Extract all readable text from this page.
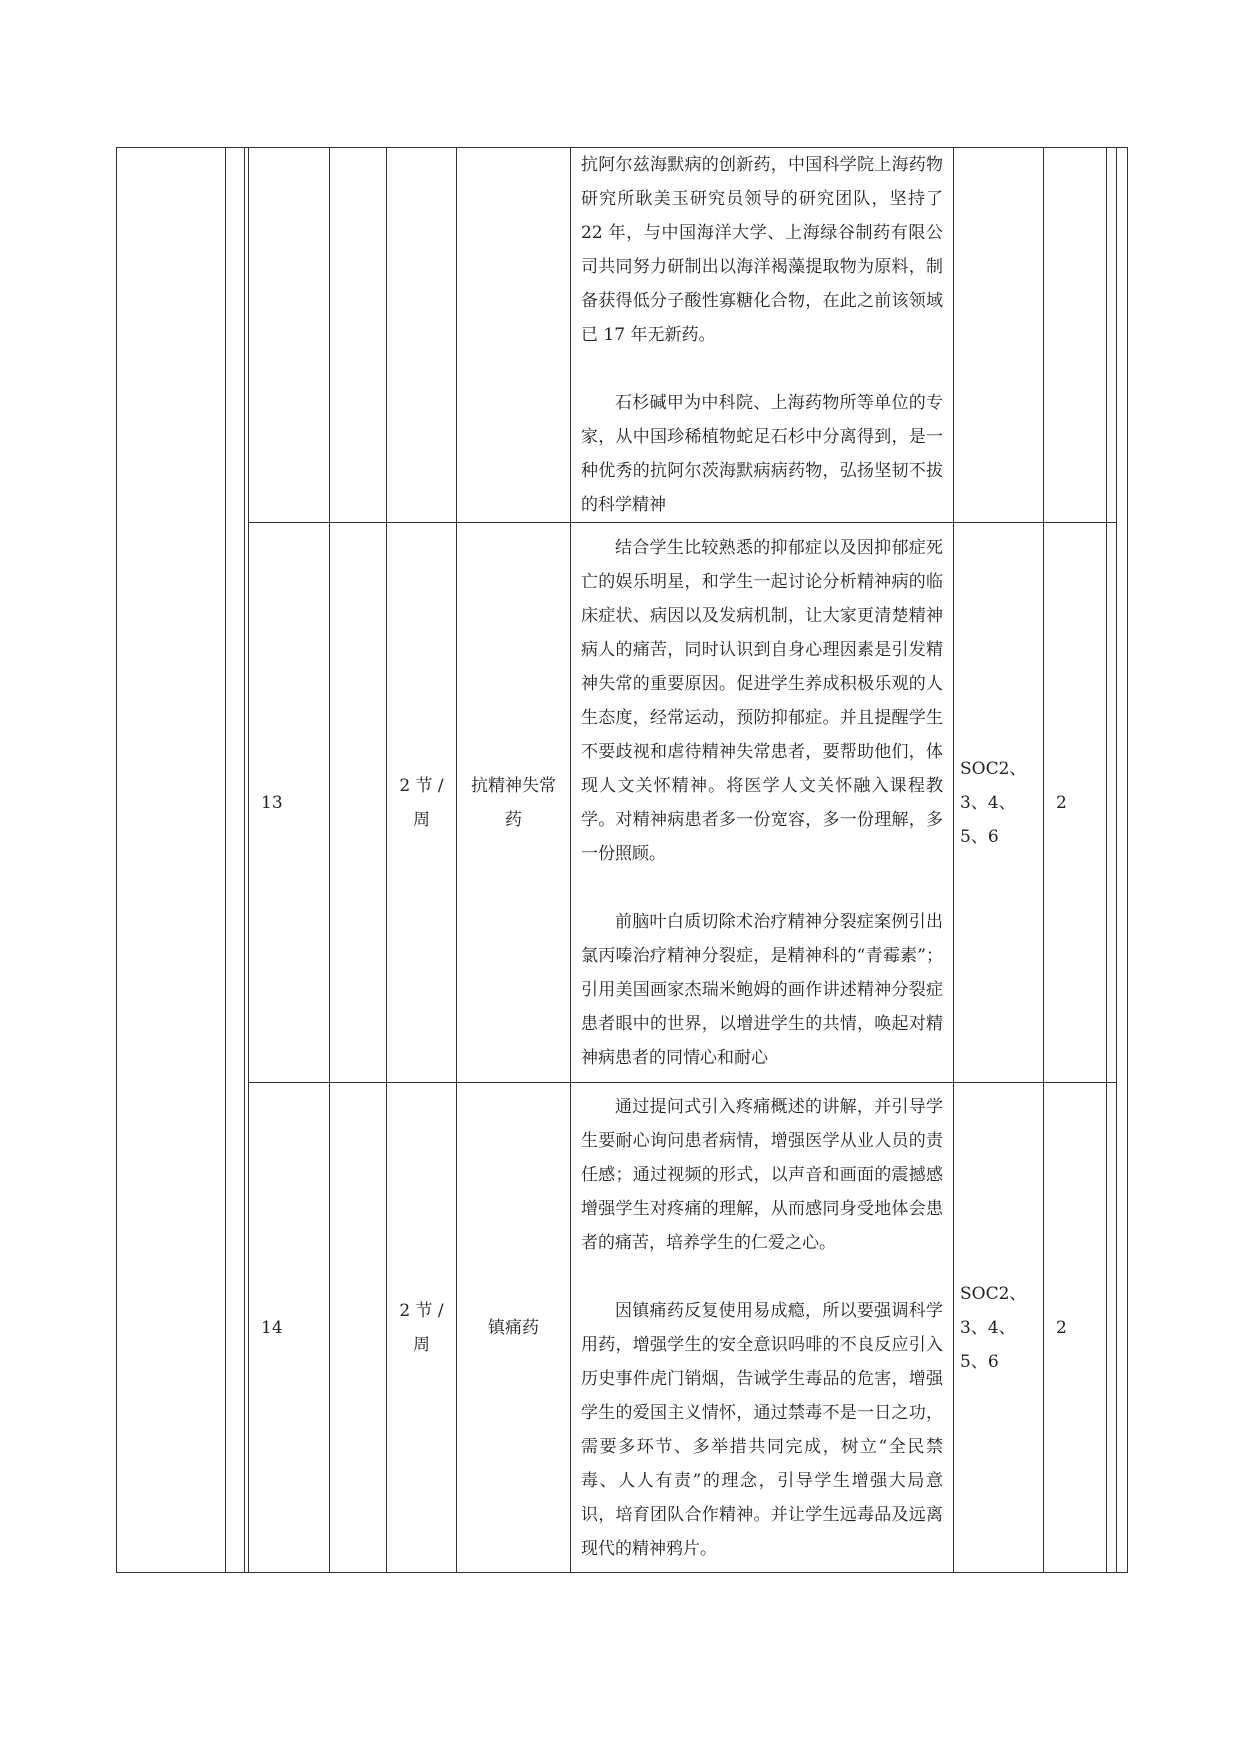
							抗阿尔兹海默病的创新药，中国科学院上海药物研究所耿美玉研究员领导的研究团队，坚持了 22 年，与中国海洋大学、上海绿谷制药有限公司共同努力研制出以海洋褐藻提取物为原料，制备获得低分子酸性寡糖化合物，在此之前该领域已 17 年无新药。

石杉碱甲为中科院、上海药物所等单位的专家，从中国珍稀植物蛇足石杉中分离得到，是一种优秀的抗阿尔茨海默病病药物，弘扬坚韧不拔的科学精神				

			13		2 节 / 周	抗精神失常药	结合学生比较熟悉的抑郁症以及因抑郁症死亡的娱乐明星，和学生一起讨论分析精神病的临床症状、病因以及发病机制，让大家更清楚精神病人的痛苦，同时认识到自身心理因素是引发精神失常的重要原因。促进学生养成积极乐观的人生态度，经常运动，预防抑郁症。并且提醒学生不要歧视和虐待精神失常患者，要帮助他们，体现人文关怀精神。将医学人文关怀融入课程教学。对精神病患者多一份宽容，多一份理解，多一份照顾。

前脑叶白质切除术治疗精神分裂症案例引出氯丙嗪治疗精神分裂症，是精神科的“青霉素”；引用美国画家杰瑞米鲍姆的画作讲述精神分裂症患者眼中的世界，以增进学生的共情，唤起对精神病患者的同情心和耐心	SOC2、3、4、5、6	2		
			14		2 节 / 周	镇痛药	通过提问式引入疼痛概述的讲解，并引导学生要耐心询问患者病情，增强医学从业人员的责任感；通过视频的形式，以声音和画面的震撼感增强学生对疼痛的理解，从而感同身受地体会患者的痛苦，培养学生的仁爱之心。

因镇痛药反复使用易成瘾，所以要强调科学用药，增强学生的安全意识吗啡的不良反应引入历史事件虎门销烟，告诫学生毒品的危害，增强学生的爱国主义情怀，通过禁毒不是一日之功，需要多环节、多举措共同完成，树立“全民禁毒、人人有责”的理念，引导学生增强大局意识，培育团队合作精神。并让学生远毒品及远离现代的精神鸦片。	SOC2、3、4、5、6	2		
